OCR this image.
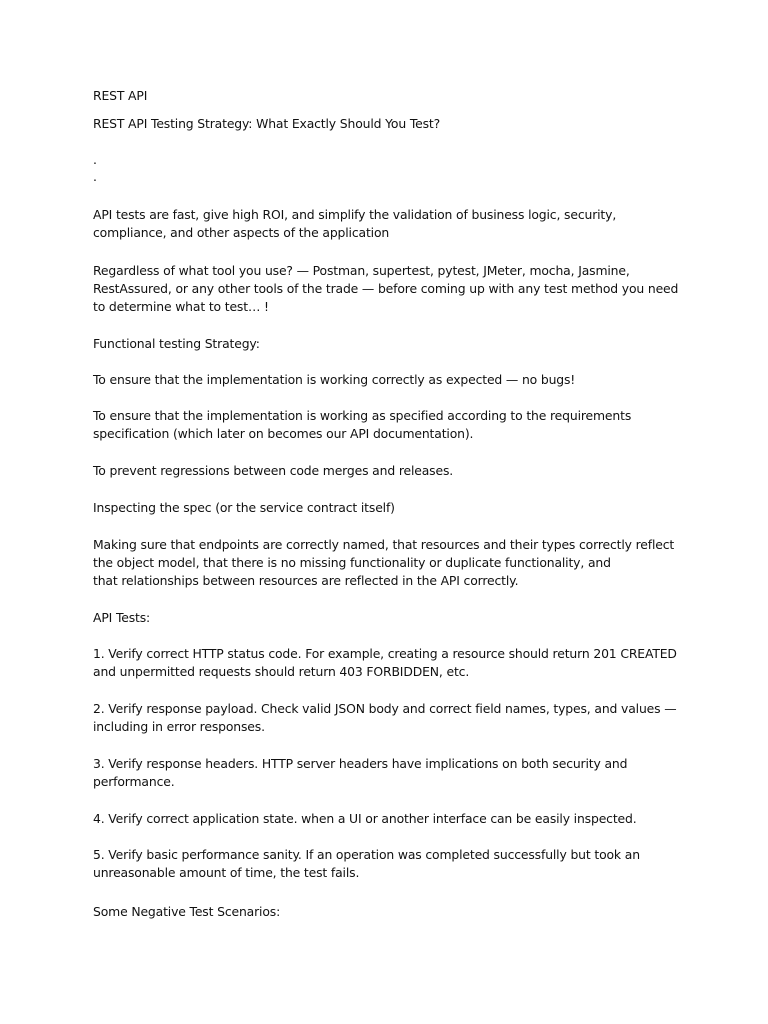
REST API

REST API Testing Strategy: What Exactly Should You Test?

.

.

API tests are fast, give high ROI, and simplify the validation of business logic, security,
compliance, and other aspects of the application

Regardless of what tool you use? — Postman, supertest, pytest, JMeter, mocha, Jasmine,
RestAssured, or any other tools of the trade — before coming up with any test method you need
to determine what to test… !

Functional testing Strategy:

To ensure that the implementation is working correctly as expected — no bugs!

To ensure that the implementation is working as specified according to the requirements
specification (which later on becomes our API documentation).

To prevent regressions between code merges and releases.

Inspecting the spec (or the service contract itself)

Making sure that endpoints are correctly named, that resources and their types correctly reflect
the object model, that there is no missing functionality or duplicate functionality, and
that relationships between resources are reflected in the API correctly.

API Tests:

1. Verify correct HTTP status code. For example, creating a resource should return 201 CREATED
and unpermitted requests should return 403 FORBIDDEN, etc.

2. Verify response payload. Check valid JSON body and correct field names, types, and values —
including in error responses.

3. Verify response headers. HTTP server headers have implications on both security and
performance.

4. Verify correct application state. when a UI or another interface can be easily inspected.

5. Verify basic performance sanity. If an operation was completed successfully but took an
unreasonable amount of time, the test fails.

Some Negative Test Scenarios:
